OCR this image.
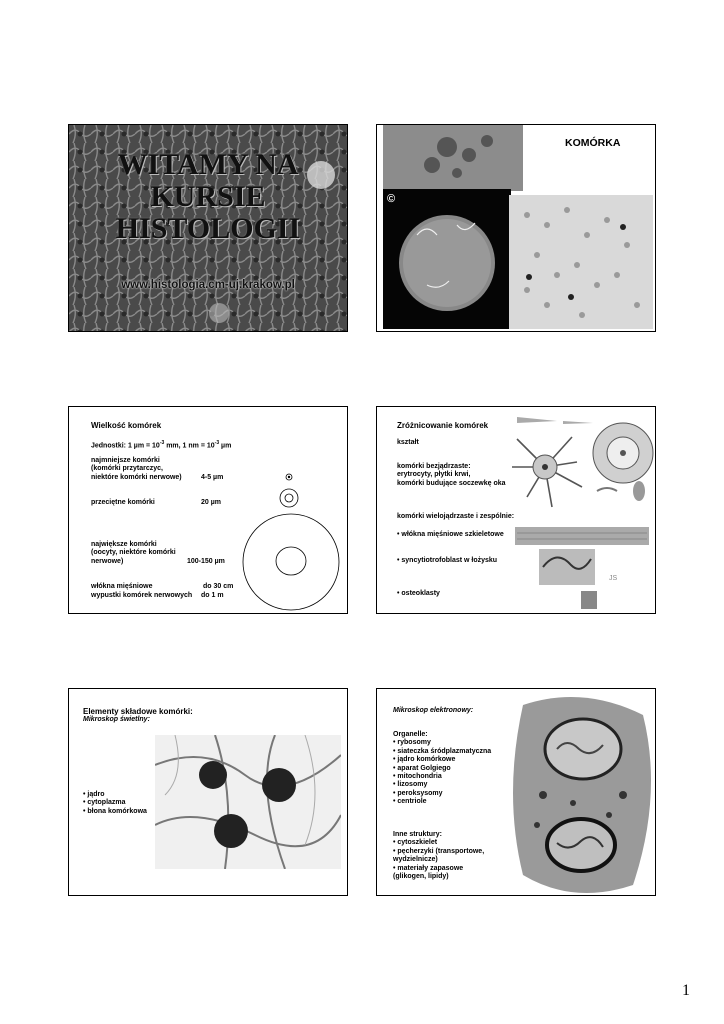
WITAMY NA
KURSIE
HISTOLOGII
www.histologia.cm-uj.krakow.pl
KOMÓRKA
©
Wielkość komórek
Jednostki: 1 $\mu m = 10^{-3}$ mm, 1 nm = $10^{-3}$ µm
najmniejsze komórki
(komórki przytarczyc,
niektóre komórki nerwowe)	4-5 µm
przeciętne komórki	20 µm
największe komórki
(oocyty, niektóre komórki
nerwowe)	100-150 µm
włókna mięśniowe	do 30 cm
wypustki komórek nerwowych do 1 m
Zróżnicowanie komórek
kształt
komórki bezjądrzaste:
erytrocyty, płytki krwi,
komórki budujące soczewkę oka
komórki wielojądrzaste i zespólnie:
• włókna mięśniowe szkieletowe
• syncytiotrofoblast w łożysku
• osteoklasty
JS
Elementy składowe komórki:
Mikroskop świetlny:
• jądro
• cytoplazma
• błona komórkowa
Mikroskop elektronowy:
Organelle:
• rybosomy
• siateczka śródplazmatyczna
• jądro komórkowe
• aparat Golgiego
• mitochondria
• lizosomy
• peroksysomy
• centriole
Inne struktury:
• cytoszkielet
• pęcherzyki (transportowe,
wydzielnicze)
• materiały zapasowe
(glikogen, lipidy)
1
